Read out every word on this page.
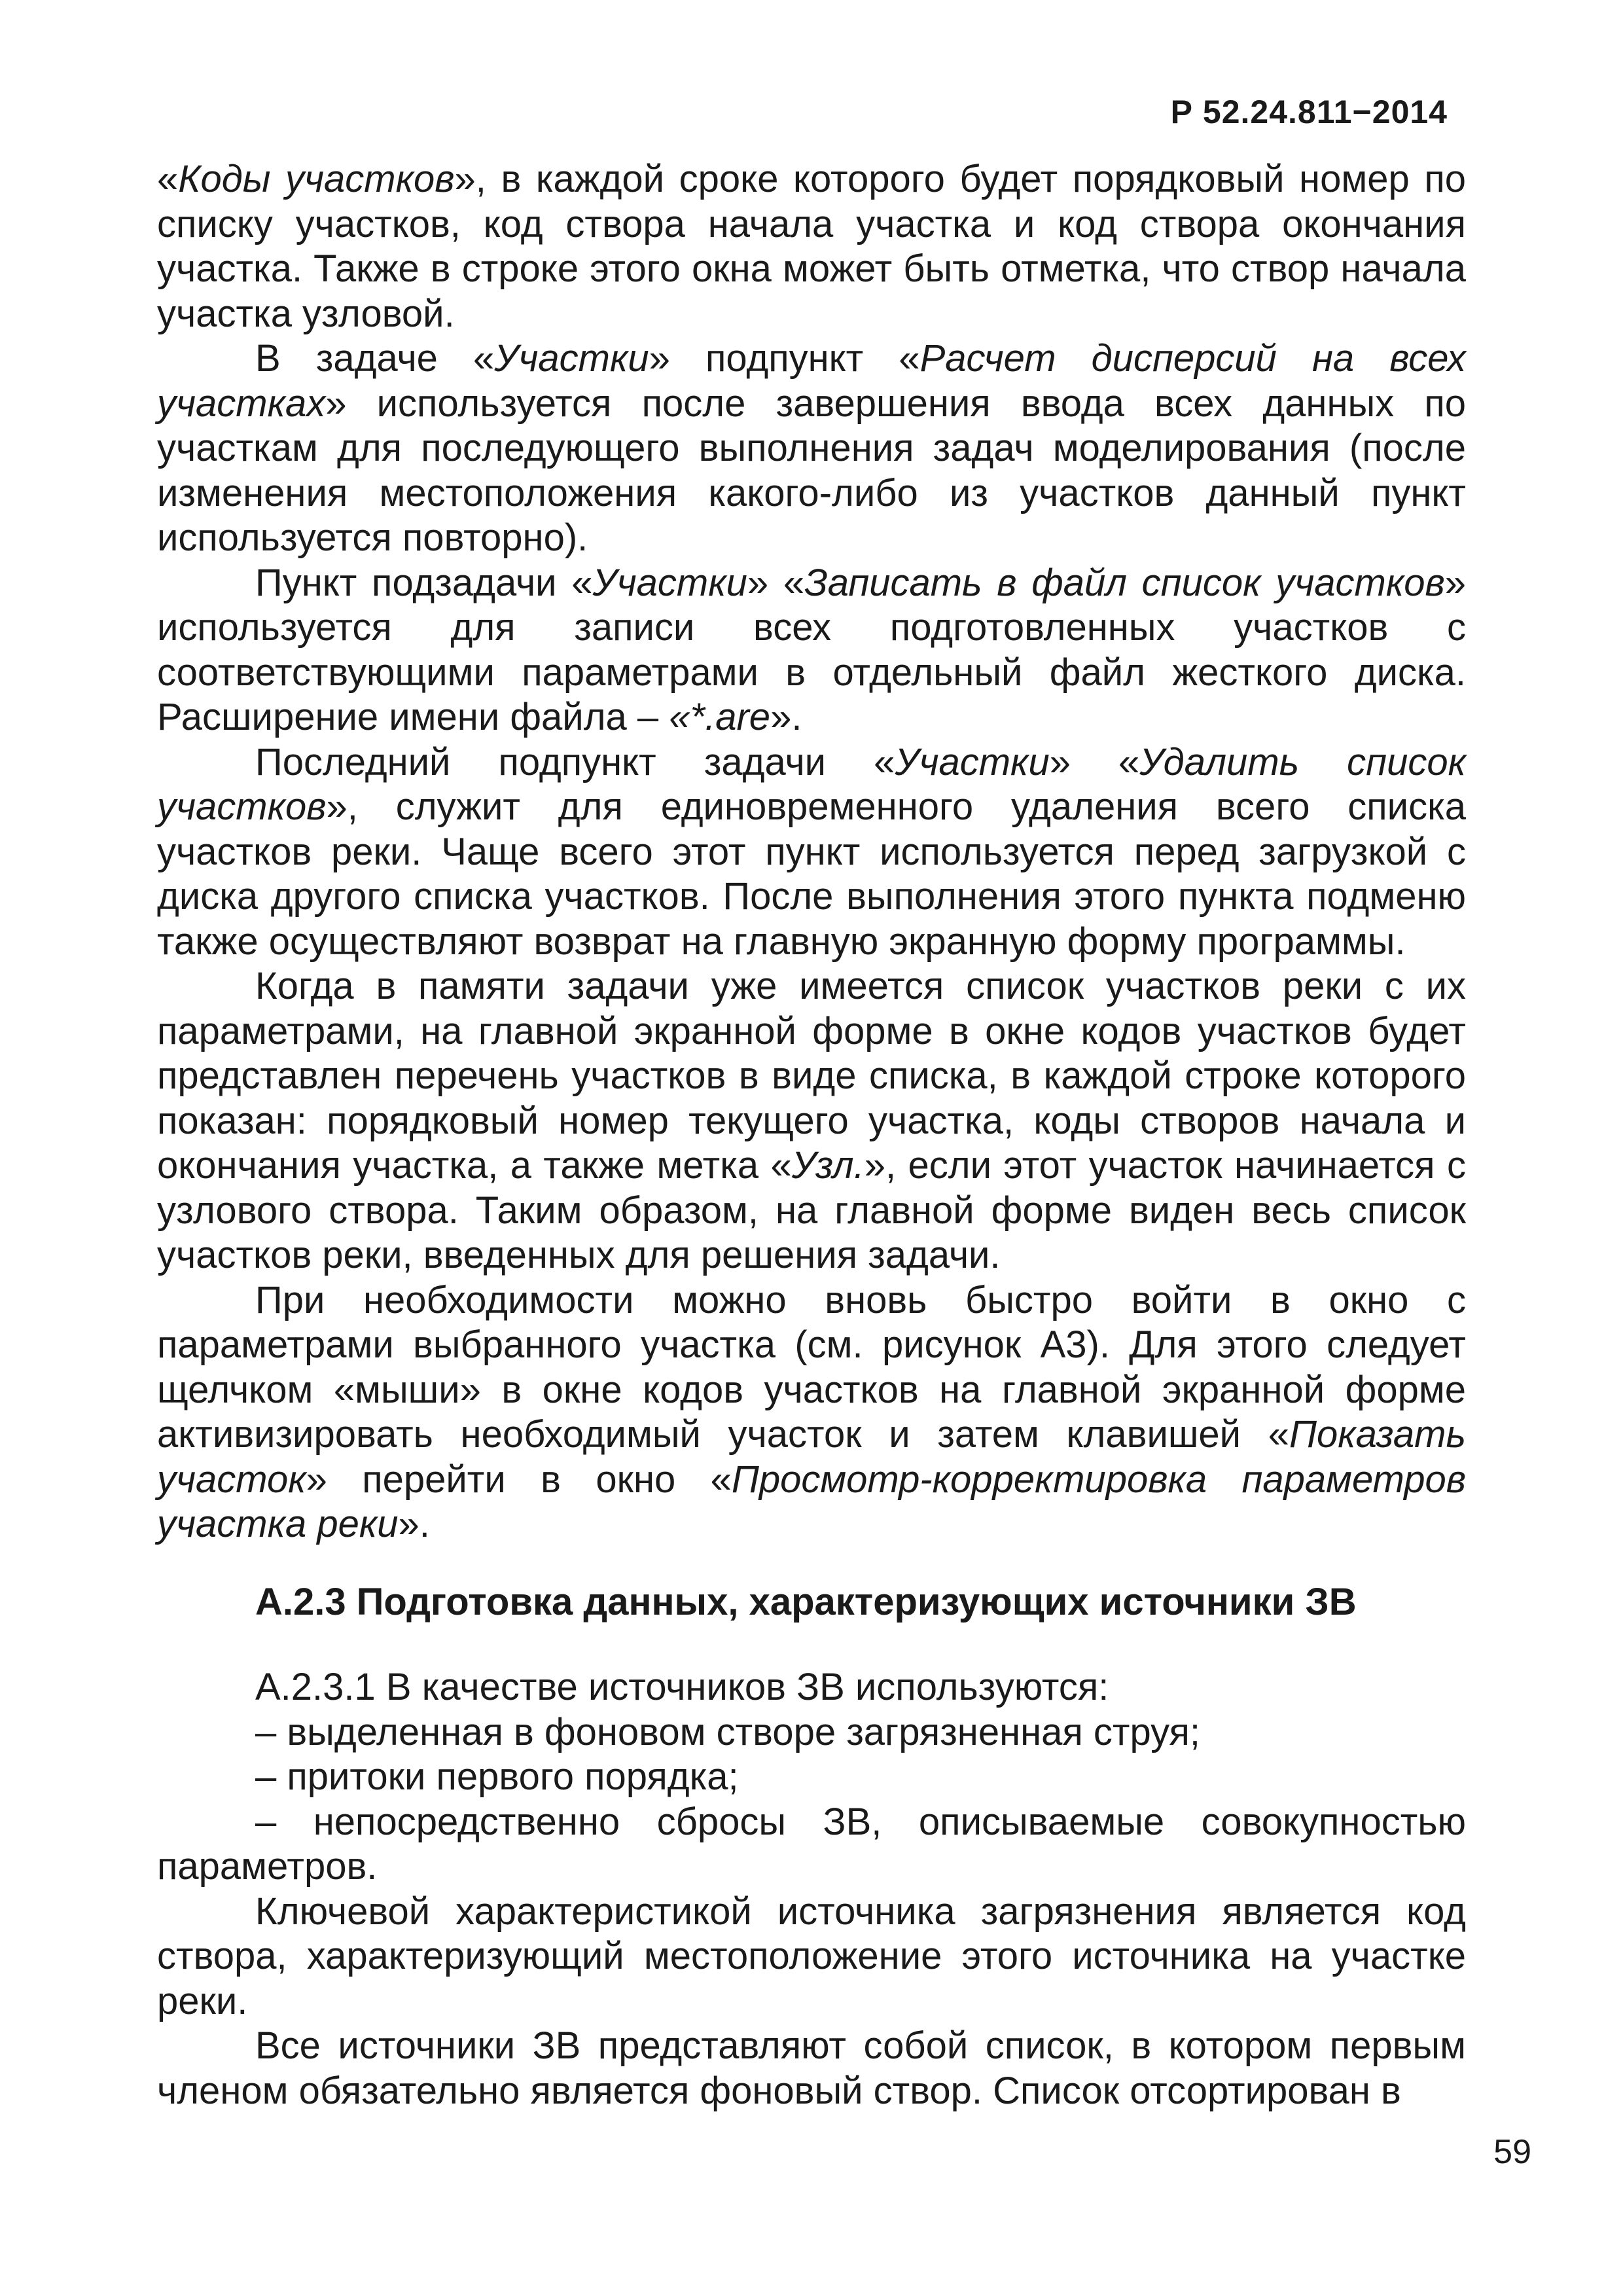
Р 52.24.811−2014

«Коды участков», в каждой сроке которого будет порядковый номер по списку участков, код створа начала участка и код створа окончания участка. Также в строке этого окна может быть отметка, что створ начала участка узловой.

В задаче «Участки» подпункт «Расчет дисперсий на всех участках» используется после завершения ввода всех данных по участкам для последующего выполнения задач моделирования (после изменения местоположения какого-либо из участков данный пункт используется повторно).

Пункт подзадачи «Участки» «Записать в файл список участков» используется для записи всех подготовленных участков с соответствующими параметрами в отдельный файл жесткого диска. Расширение имени файла – «*.are».

Последний подпункт задачи «Участки» «Удалить список участков», служит для единовременного удаления всего списка участков реки. Чаще всего этот пункт используется перед загрузкой с диска другого списка участков. После выполнения этого пункта подменю также осуществляют возврат на главную экранную форму программы.

Когда в памяти задачи уже имеется список участков реки с их параметрами, на главной экранной форме в окне кодов участков будет представлен перечень участков в виде списка, в каждой строке которого показан: порядковый номер текущего участка, коды створов начала и окончания участка, а также метка «Узл.», если этот участок начинается с узлового створа. Таким образом, на главной форме виден весь список участков реки, введенных для решения задачи.

При необходимости можно вновь быстро войти в окно с параметрами выбранного участка (см. рисунок А3). Для этого следует щелчком «мыши» в окне кодов участков на главной экранной форме активизировать необходимый участок и затем клавишей «Показать участок» перейти в окно «Просмотр-корректировка параметров участка реки».

А.2.3 Подготовка данных, характеризующих источники ЗВ

А.2.3.1 В качестве источников ЗВ используются:

– выделенная в фоновом створе загрязненная струя;

– притоки первого порядка;

– непосредственно сбросы ЗВ, описываемые совокупностью параметров.

Ключевой характеристикой источника загрязнения является код створа, характеризующий местоположение этого источника на участке реки.

Все источники ЗВ представляют собой список, в котором первым членом обязательно является фоновый створ. Список отсортирован в

59
